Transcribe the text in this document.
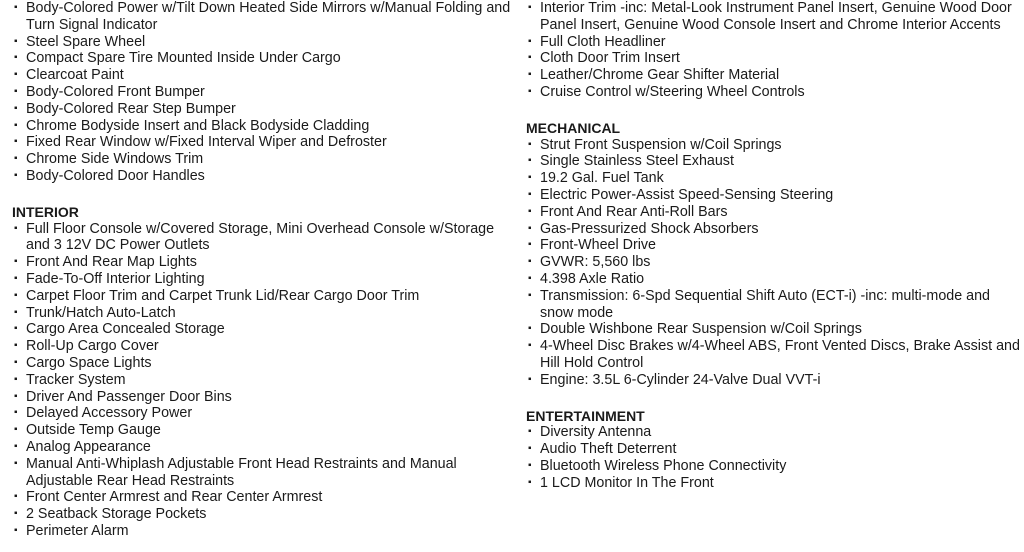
▪ Body-Colored Power w/Tilt Down Heated Side Mirrors w/Manual Folding and Turn Signal Indicator
▪ Steel Spare Wheel
▪ Compact Spare Tire Mounted Inside Under Cargo
▪ Clearcoat Paint
▪ Body-Colored Front Bumper
▪ Body-Colored Rear Step Bumper
▪ Chrome Bodyside Insert and Black Bodyside Cladding
▪ Fixed Rear Window w/Fixed Interval Wiper and Defroster
▪ Chrome Side Windows Trim
▪ Body-Colored Door Handles
INTERIOR
▪ Full Floor Console w/Covered Storage, Mini Overhead Console w/Storage and 3 12V DC Power Outlets
▪ Front And Rear Map Lights
▪ Fade-To-Off Interior Lighting
▪ Carpet Floor Trim and Carpet Trunk Lid/Rear Cargo Door Trim
▪ Trunk/Hatch Auto-Latch
▪ Cargo Area Concealed Storage
▪ Roll-Up Cargo Cover
▪ Cargo Space Lights
▪ Tracker System
▪ Driver And Passenger Door Bins
▪ Delayed Accessory Power
▪ Outside Temp Gauge
▪ Analog Appearance
▪ Manual Anti-Whiplash Adjustable Front Head Restraints and Manual Adjustable Rear Head Restraints
▪ Front Center Armrest and Rear Center Armrest
▪ 2 Seatback Storage Pockets
▪ Perimeter Alarm
▪ Interior Trim -inc: Metal-Look Instrument Panel Insert, Genuine Wood Door Panel Insert, Genuine Wood Console Insert and Chrome Interior Accents
▪ Full Cloth Headliner
▪ Cloth Door Trim Insert
▪ Leather/Chrome Gear Shifter Material
▪ Cruise Control w/Steering Wheel Controls
MECHANICAL
▪ Strut Front Suspension w/Coil Springs
▪ Single Stainless Steel Exhaust
▪ 19.2 Gal. Fuel Tank
▪ Electric Power-Assist Speed-Sensing Steering
▪ Front And Rear Anti-Roll Bars
▪ Gas-Pressurized Shock Absorbers
▪ Front-Wheel Drive
▪ GVWR: 5,560 lbs
▪ 4.398 Axle Ratio
▪ Transmission: 6-Spd Sequential Shift Auto (ECT-i) -inc: multi-mode and snow mode
▪ Double Wishbone Rear Suspension w/Coil Springs
▪ 4-Wheel Disc Brakes w/4-Wheel ABS, Front Vented Discs, Brake Assist and Hill Hold Control
▪ Engine: 3.5L 6-Cylinder 24-Valve Dual VVT-i
ENTERTAINMENT
▪ Diversity Antenna
▪ Audio Theft Deterrent
▪ Bluetooth Wireless Phone Connectivity
▪ 1 LCD Monitor In The Front
